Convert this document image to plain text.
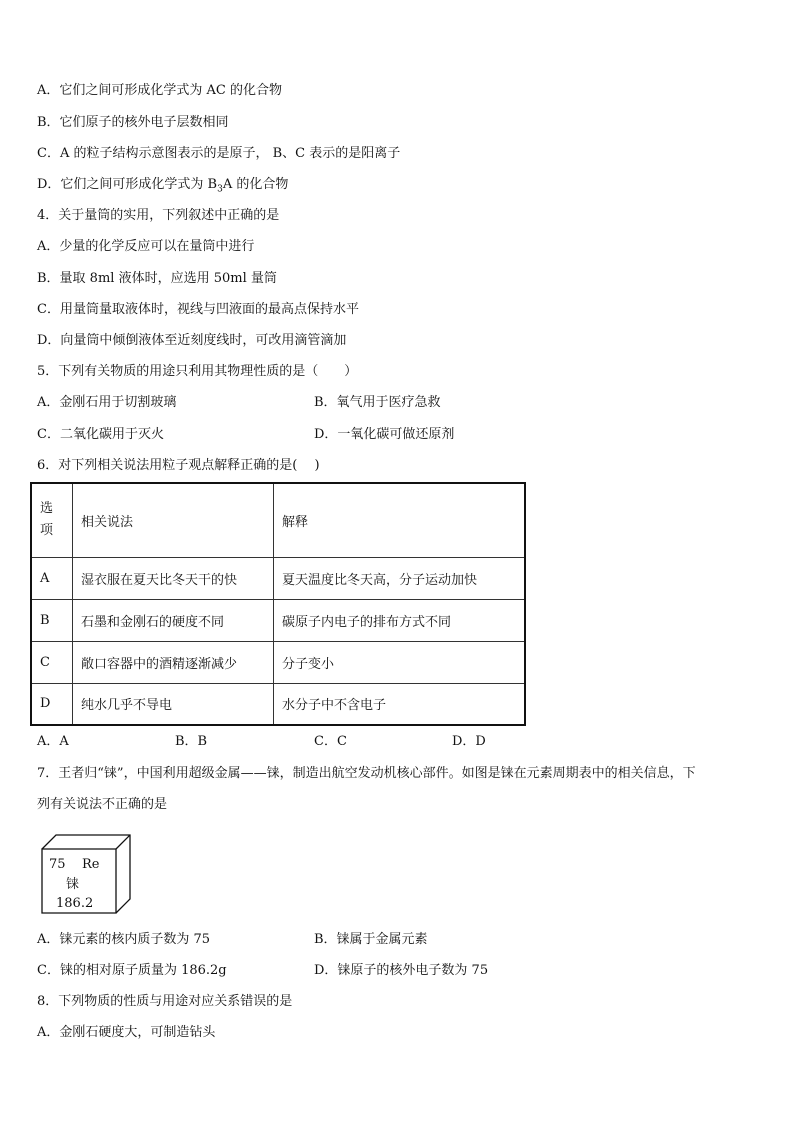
A．它们之间可形成化学式为 AC 的化合物
B．它们原子的核外电子层数相同
C．A 的粒子结构示意图表示的是原子， B、C 表示的是阳离子
D．它们之间可形成化学式为 $B_3A$ 的化合物
4．关于量筒的实用，下列叙述中正确的是
A．少量的化学反应可以在量筒中进行
B．量取 8ml 液体时，应选用 50ml 量筒
C．用量筒量取液体时，视线与凹液面的最高点保持水平
D．向量筒中倾倒液体至近刻度线时，可改用滴管滴加
5．下列有关物质的用途只利用其物理性质的是（　　）
A．金刚石用于切割玻璃	B．氧气用于医疗急救
C．二氧化碳用于灭火	D．一氧化碳可做还原剂
6．对下列相关说法用粒子观点解释正确的是(　 )
选
项	相关说法	解释
A	湿衣服在夏天比冬天干的快	夏天温度比冬天高，分子运动加快
B	石墨和金刚石的硬度不同	碳原子内电子的排布方式不同
C	敞口容器中的酒精逐渐减少	分子变小
D	纯水几乎不导电	水分子中不含电子
A．A	B．B	C．C	D．D
7．王者归“铼”，中国利用超级金属——铼，制造出航空发动机核心部件。如图是铼在元素周期表中的相关信息，下
列有关说法不正确的是
75 Re
铼
186.2
A．铼元素的核内质子数为 75	B．铼属于金属元素
C．铼的相对原子质量为 186.2g	D．铼原子的核外电子数为 75
8．下列物质的性质与用途对应关系错误的是
A．金刚石硬度大，可制造钻头
